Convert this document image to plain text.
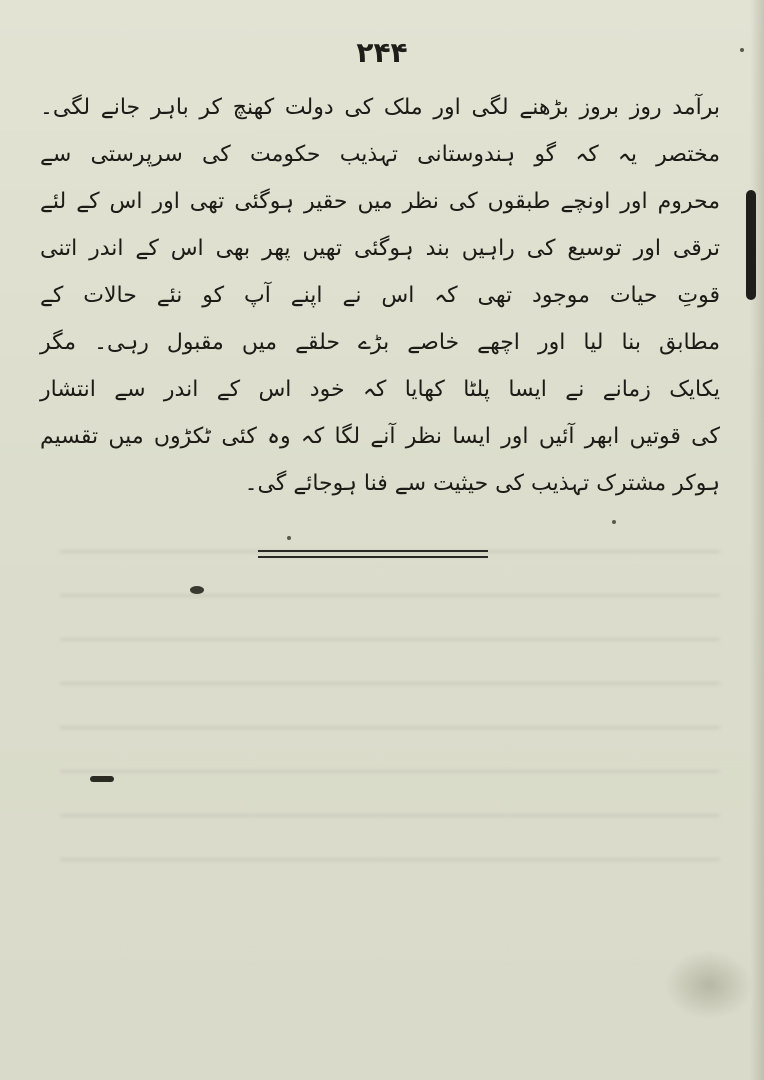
۲۴۴
برآمد روز بروز بڑھنے لگی اور ملک کی دولت کھنچ کر باہر جانے لگی۔
مختصر یہ کہ گو ہندوستانی تہذیب حکومت کی سرپرستی سے
محروم اور اونچے طبقوں کی نظر میں حقیر ہوگئی تھی اور اس کے لئے
ترقی اور توسیع کی راہیں بند ہوگئی تھیں پھر بھی اس کے اندر اتنی
قوتِ حیات موجود تھی کہ اس نے اپنے آپ کو نئے حالات کے
مطابق بنا لیا اور اچھے خاصے بڑے حلقے میں مقبول رہی۔ مگر
یکایک زمانے نے ایسا پلٹا کھایا کہ خود اس کے اندر سے انتشار
کی قوتیں ابھر آئیں اور ایسا نظر آنے لگا کہ وہ کئی ٹکڑوں میں تقسیم
ہوکر مشترک تہذیب کی حیثیت سے فنا ہوجائے گی۔
